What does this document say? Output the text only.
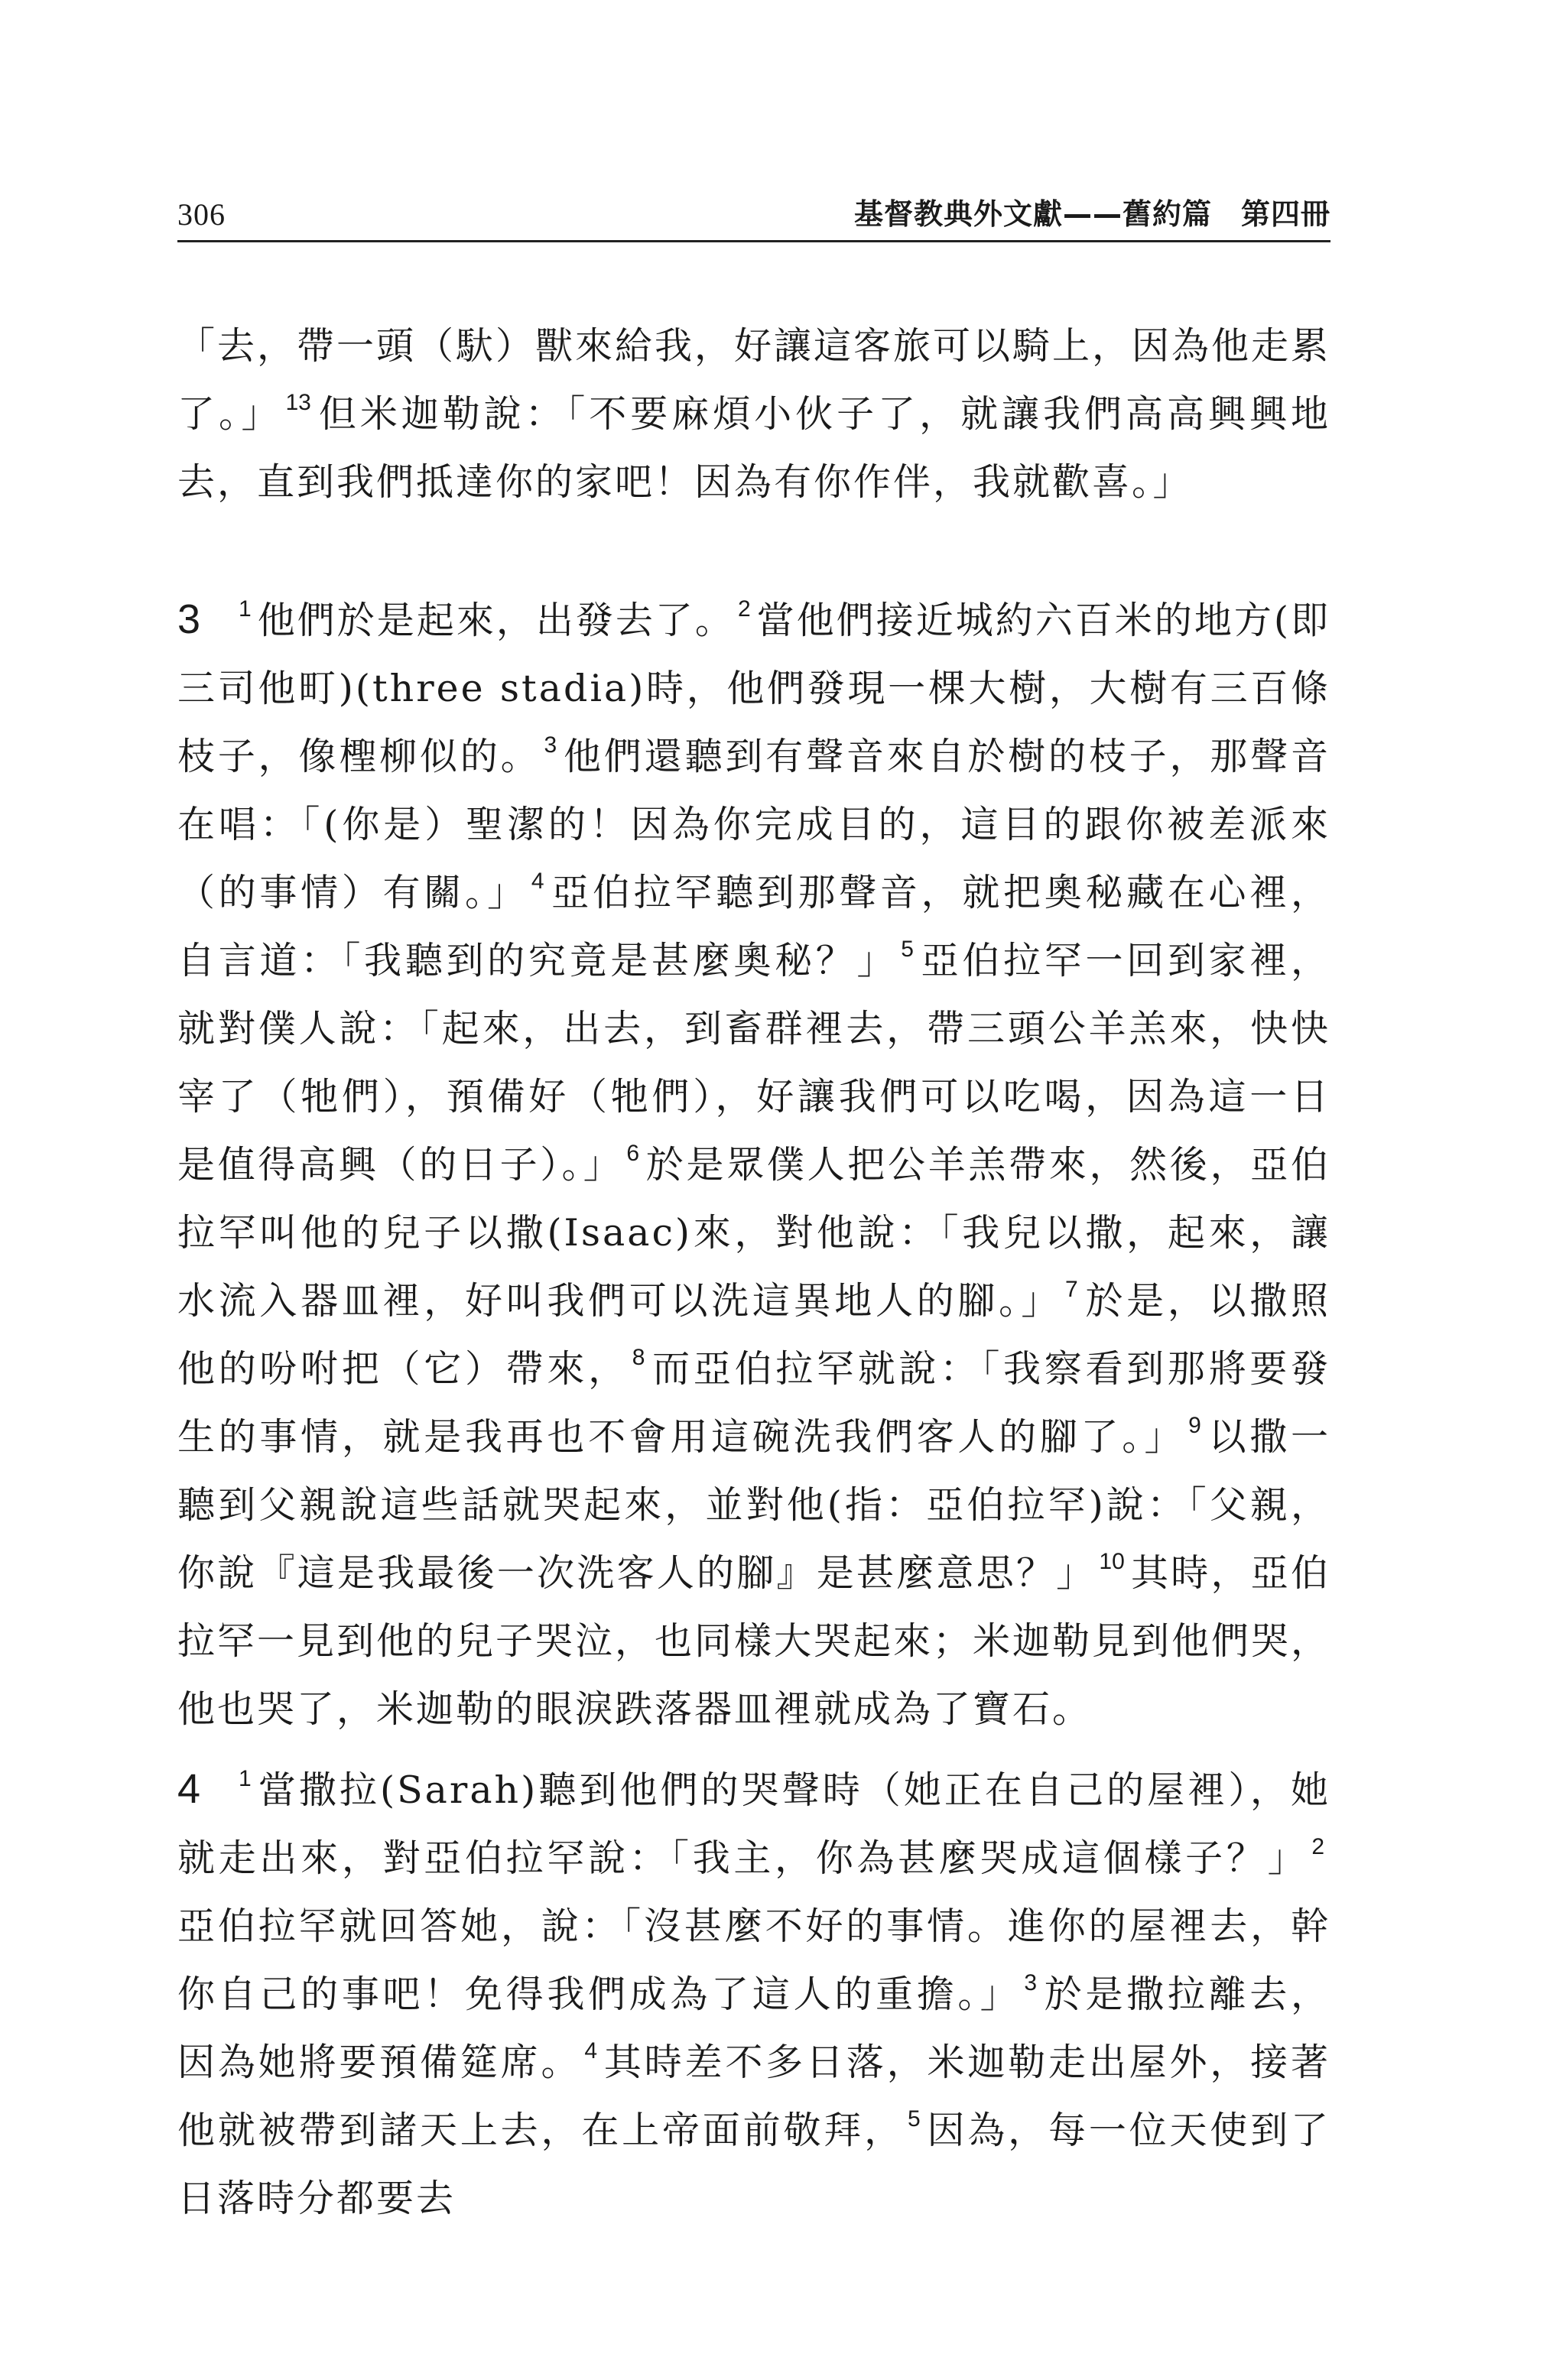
306	基督教典外文獻——舊約篇 第四冊

「去，帶一頭（馱）獸來給我，好讓這客旅可以騎上，因為他走累了。」 $^{13}$ 但米迦勒說：「不要麻煩小伙子了，就讓我們高高興興地去，直到我們抵達你的家吧！因為有你作伴，我就歡喜。」

3 $^1$ 他們於是起來，出發去了。 $^2$ 當他們接近城約六百米的地方(即三司他町)(three stadia)時，他們發現一棵大樹，大樹有三百條枝子，像檉柳似的。 $^3$ 他們還聽到有聲音來自於樹的枝子，那聲音在唱：「(你是）聖潔的！因為你完成目的，這目的跟你被差派來（的事情）有關。」 $^4$ 亞伯拉罕聽到那聲音，就把奧秘藏在心裡，自言道：「我聽到的究竟是甚麼奧秘？」 $^5$ 亞伯拉罕一回到家裡，就對僕人說：「起來，出去，到畜群裡去，帶三頭公羊羔來，快快宰了（牠們），預備好（牠們），好讓我們可以吃喝，因為這一日是值得高興（的日子）。」 $^6$ 於是眾僕人把公羊羔帶來，然後，亞伯拉罕叫他的兒子以撒(Isaac)來，對他說：「我兒以撒，起來，讓水流入器皿裡，好叫我們可以洗這異地人的腳。」 $^7$ 於是，以撒照他的吩咐把（它）帶來， $^8$ 而亞伯拉罕就說：「我察看到那將要發生的事情，就是我再也不會用這碗洗我們客人的腳了。」 $^9$ 以撒一聽到父親說這些話就哭起來，並對他(指：亞伯拉罕)說：「父親，你說『這是我最後一次洗客人的腳』是甚麼意思？」 $^{10}$ 其時，亞伯拉罕一見到他的兒子哭泣，也同樣大哭起來；米迦勒見到他們哭，他也哭了，米迦勒的眼淚跌落器皿裡就成為了寶石。

4 $^1$ 當撒拉(Sarah)聽到他們的哭聲時（她正在自己的屋裡），她就走出來，對亞伯拉罕說：「我主，你為甚麼哭成這個樣子？」 $^2$亞伯拉罕就回答她，說：「沒甚麼不好的事情。進你的屋裡去，幹你自己的事吧！免得我們成為了這人的重擔。」 $^3$ 於是撒拉離去，因為她將要預備筵席。 $^4$ 其時差不多日落，米迦勒走出屋外，接著他就被帶到諸天上去，在上帝面前敬拜， $^5$ 因為，每一位天使到了日落時分都要去
